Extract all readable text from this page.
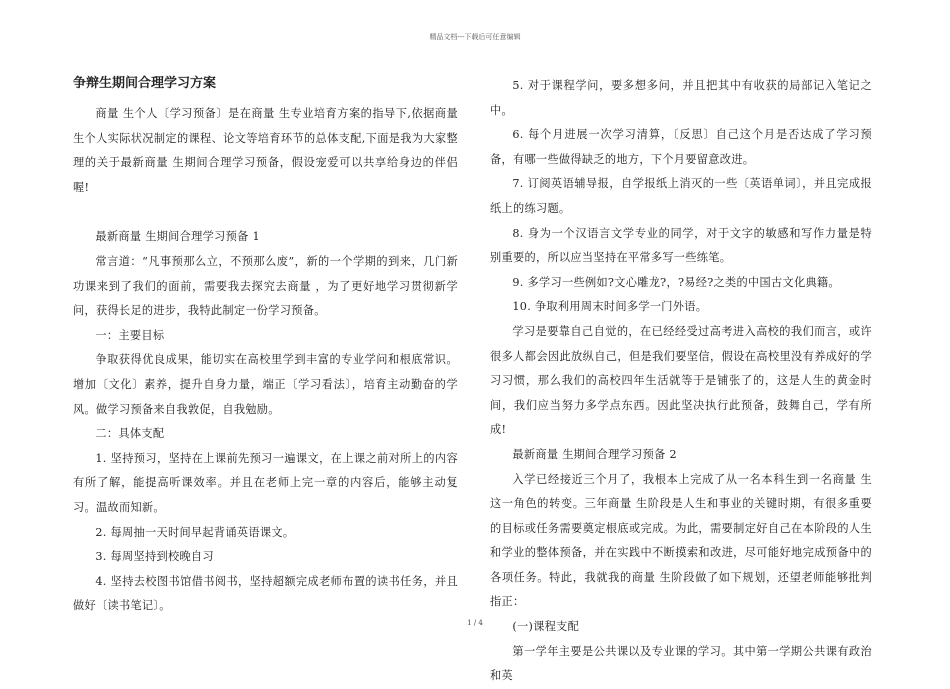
精品文档---下载后可任意编辑
争辩生期间合理学习方案

商量 生个人〔学习预备〕是在商量 生专业培育方案的指导下,依据商量 生个人实际状况制定的课程、论文等培育环节的总体支配,下面是我为大家整理的关于最新商量 生期间合理学习预备，假设宠爱可以共享给身边的伴侣喔!

最新商量 生期间合理学习预备 1

常言道：“凡事预那么立，不预那么废”，新的一个学期的到来，几门新功课来到了我们的面前，需要我去探究去商量 ，为了更好地学习贯彻新学问，获得长足的进步，我特此制定一份学习预备。

一：主要目标

争取获得优良成果，能切实在高校里学到丰富的专业学问和根底常识。增加〔文化〕素养，提升自身力量，端正〔学习看法〕，培育主动勤奋的学风。做学习预备来自我敦促，自我勉励。

二：具体支配

1. 坚持预习，坚持在上课前先预习一遍课文，在上课之前对所上的内容有所了解，能提高听课效率。并且在老师上完一章的内容后，能够主动复习。温故而知新。

2. 每周抽一天时间早起背诵英语课文。

3. 每周坚持到校晚自习

4. 坚持去校图书馆借书阅书，坚持超额完成老师布置的读书任务，并且做好〔读书笔记〕。

5. 对于课程学问，要多想多问，并且把其中有收获的局部记入笔记之中。

6. 每个月进展一次学习清算，〔反思〕自己这个月是否达成了学习预备，有哪一些做得缺乏的地方，下个月要留意改进。

7. 订阅英语辅导报，自学报纸上消灭的一些〔英语单词〕，并且完成报纸上的练习题。

8. 身为一个汉语言文学专业的同学，对于文字的敏感和写作力量是特别重要的，所以应当坚持在平常多写一些练笔。

9. 多学习一些例如?文心雕龙?，?易经?之类的中国古文化典籍。

10. 争取利用周末时间多学一门外语。

学习是要靠自己自觉的，在已经经受过高考进入高校的我们而言，或许很多人都会因此放纵自己，但是我们要坚信，假设在高校里没有养成好的学习习惯，那么我们的高校四年生活就等于是铺张了的，这是人生的黄金时间，我们应当努力多学点东西。因此坚决执行此预备，鼓舞自己，学有所成!

最新商量 生期间合理学习预备 2

入学已经接近三个月了，我根本上完成了从一名本科生到一名商量 生这一角色的转变。三年商量 生阶段是人生和事业的关键时期，有很多重要的目标或任务需要奠定根底或完成。为此，需要制定好自己在本阶段的人生和学业的整体预备，并在实践中不断摸索和改进，尽可能好地完成预备中的各项任务。特此，我就我的商量 生阶段做了如下规划，还望老师能够批判指正：

(一)课程支配

第一学年主要是公共课以及专业课的学习。其中第一学期公共课有政治和英

1 / 4
